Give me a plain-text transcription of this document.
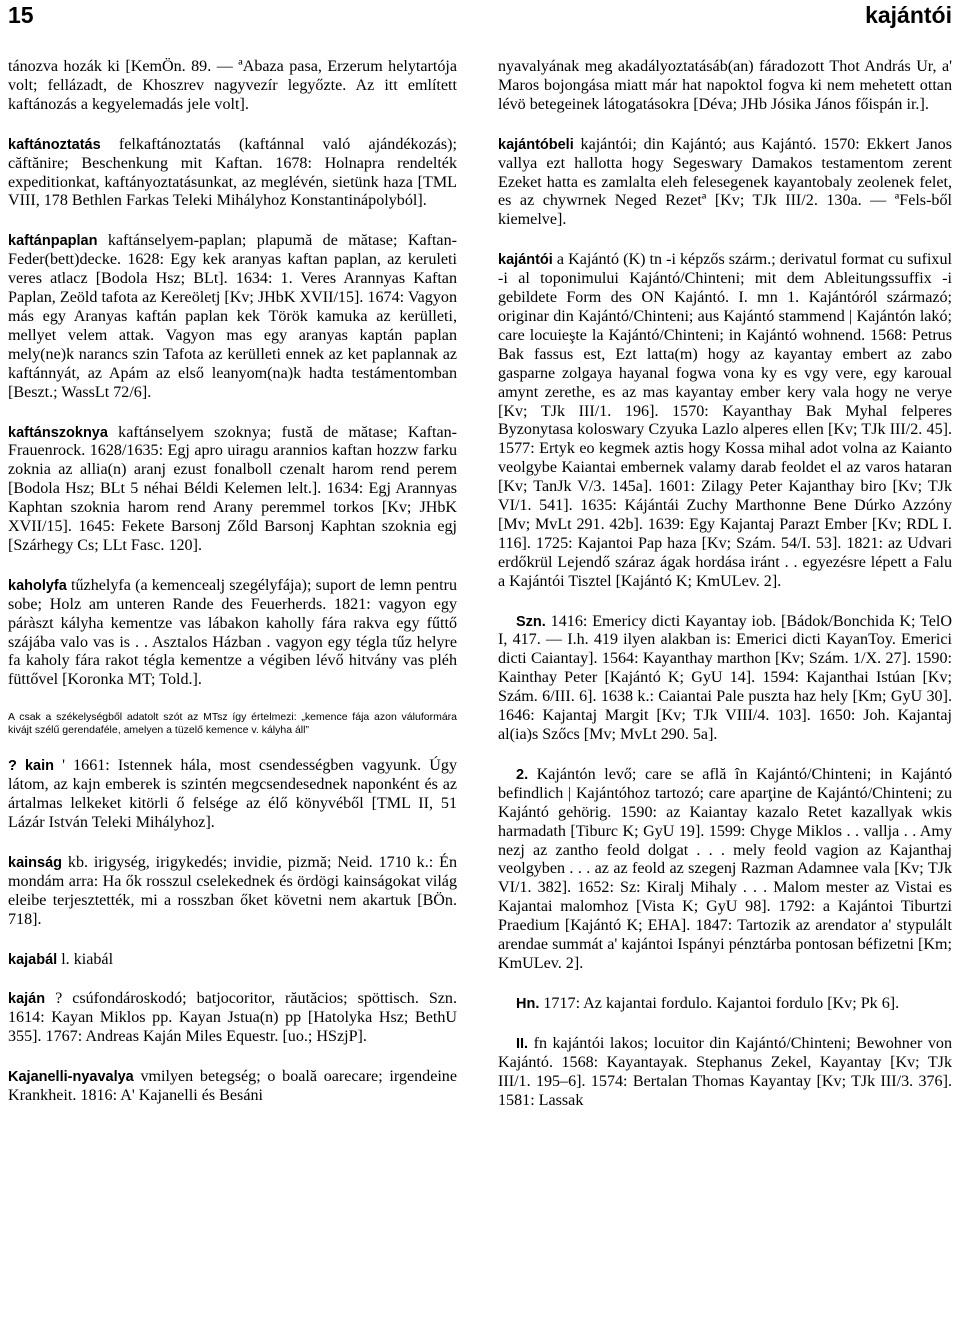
15	kajántói

tánozva hozák ki [KemÖn. 89. — ªAbaza pasa, Erzerum helytartója volt; fellázadt, de Khoszrev nagyvezír legyőzte. Az itt említett kaftánozás a kegyelemadás jele volt].

kaftánoztatás felkaftánoztatás (kaftánnal való ajándékozás); căftănire; Beschenkung mit Kaftan. 1678: Holnapra rendelték expeditionkat, kaftányoztatásunkat, az meglévén, sietünk haza [TML VIII, 178 Bethlen Farkas Teleki Mihályhoz Konstantinápolyból].

kaftánpaplan kaftánselyem-paplan; plapumă de mătase; Kaftan-Feder(bett)decke. 1628: Egy kek aranyas kaftan paplan, az keruleti veres atlacz [Bodola Hsz; BLt]. 1634: 1. Veres Arannyas Kaftan Paplan, Zeöld tafota az Kereöletj [Kv; JHbK XVII/15]. 1674: Vagyon más egy Aranyas kaftán paplan kek Török kamuka az kerülleti, mellyet velem attak. Vagyon mas egy aranyas kaptán paplan mely(ne)k narancs szin Tafota az kerülleti ennek az ket paplannak az kaftánnyát, az Apám az első leanyom(na)k hadta testámentomban [Beszt.; WassLt 72/6].

kaftánszoknya kaftánselyem szoknya; fustă de mătase; Kaftan-Frauenrock. 1628/1635: Egj apro uiragu arannios kaftan hozzw farku zoknia az allia(n) aranj ezust fonalboll czenalt harom rend perem [Bodola Hsz; BLt 5 néhai Béldi Kelemen lelt.]. 1634: Egj Arannyas Kaphtan szoknia harom rend Arany peremmel torkos [Kv; JHbK XVII/15]. 1645: Fekete Barsonj Zőld Barsonj Kaphtan szoknia egj [Szárhegy Cs; LLt Fasc. 120].

kaholyfa tűzhelyfa (a kemencealj szegélyfája); suport de lemn pentru sobe; Holz am unteren Rande des Feuerherds. 1821: vagyon egy páràszt kályha kementze vas lábakon kaholly fára rakva egy fűttő szájába valo vas is . . Asztalos Házban . vagyon egy tégla tűz helyre fa kaholy fára rakot tégla kementze a végiben lévő hitvány vas pléh füttővel [Koronka MT; Told.].

A csak a székelységből adatolt szót az MTsz így értelmezi: „kemence fája azon váluformára kivájt szélű gerendaféle, amelyen a tüzelő kemence v. kályha áll”

? kain ' 1661: Istennek hála, most csendességben vagyunk. Úgy látom, az kajn emberek is szintén megcsendesednek naponként és az ártalmas lelkeket kitörli ő felsége az élő könyvéből [TML II, 51 Lázár István Teleki Mihályhoz].

kainság kb. irigység, irigykedés; invidie, pizmă; Neid. 1710 k.: Én mondám arra: Ha ők rosszul cselekednek és ördögi kainságokat világ eleibe terjesztették, mi a rosszban őket követni nem akartuk [BÖn. 718].

kajabál l. kiabál

kaján ? csúfondároskodó; batjocoritor, răutăcios; spöttisch. Szn. 1614: Kayan Miklos pp. Kayan Jstua(n) pp [Hatolyka Hsz; BethU 355]. 1767: Andreas Kaján Miles Equestr. [uo.; HSzjP].

Kajanelli-nyavalya vmilyen betegség; o boală oarecare; irgendeine Krankheit. 1816: A' Kajanelli és Besáni

nyavalyának meg akadályoztatásáb(an) fáradozott Thot András Ur, a' Maros bojongása miatt már hat napoktol fogva ki nem mehetett ottan lévö betegeinek látogatásokra [Déva; JHb Jósika János főispán ir.].

kajántóbeli kajántói; din Kajántó; aus Kajántó. 1570: Ekkert Janos vallya ezt hallotta hogy Segeswary Damakos testamentom zerent Ezeket hatta es zamlalta eleh felesegenek kayantobaly zeolenek felet, es az chywrnek Neged Rezetª [Kv; TJk III/2. 130a. — ªFels-ből kiemelve].

kajántói a Kajántó (K) tn -i képzős szárm.; derivatul format cu sufixul -i al toponimului Kajántó/Chinteni; mit dem Ableitungssuffix -i gebildete Form des ON Kajántó. I. mn 1. Kajántóról származó; originar din Kajántó/Chinteni; aus Kajántó stammend | Kajántón lakó; care locuieşte la Kajántó/Chinteni; in Kajántó wohnend. 1568: Petrus Bak fassus est, Ezt latta(m) hogy az kayantay embert az zabo gasparne zolgaya hayanal fogwa vona ky es vgy vere, egy karoual amynt zerethe, es az mas kayantay ember kery vala hogy ne verye [Kv; TJk III/1. 196]. 1570: Kayanthay Bak Myhal felperes Byzonytasa koloswary Czyuka Lazlo alperes ellen [Kv; TJk III/2. 45]. 1577: Ertyk eo kegmek aztis hogy Kossa mihal adot volna az Kaianto veolgybe Kaiantai embernek valamy darab feoldet el az varos hataran [Kv; TanJk V/3. 145a]. 1601: Zilagy Peter Kajanthay biro [Kv; TJk VI/1. 541]. 1635: Kájántái Zuchy Marthonne Bene Dúrko Azzóny [Mv; MvLt 291. 42b]. 1639: Egy Kajantaj Parazt Ember [Kv; RDL I. 116]. 1725: Kajantoi Pap haza [Kv; Szám. 54/I. 53]. 1821: az Udvari erdőkrül Lejendő száraz ágak hordása iránt . . egyezésre lépett a Falu a Kajántói Tisztel [Kajántó K; KmULev. 2].

Szn. 1416: Emericy dicti Kayantay iob. [Bádok/Bonchida K; TelO I, 417. — I.h. 419 ilyen alakban is: Emerici dicti KayanToy. Emerici dicti Caiantay]. 1564: Kayanthay marthon [Kv; Szám. 1/X. 27]. 1590: Kainthay Peter [Kajántó K; GyU 14]. 1594: Kajanthai Istúan [Kv; Szám. 6/III. 6]. 1638 k.: Caiantai Pale puszta haz hely [Km; GyU 30]. 1646: Kajantaj Margit [Kv; TJk VIII/4. 103]. 1650: Joh. Kajantaj al(ia)s Szőcs [Mv; MvLt 290. 5a].

2. Kajántón levő; care se află în Kajántó/Chinteni; in Kajántó befindlich | Kajántóhoz tartozó; care aparţine de Kajántó/Chinteni; zu Kajántó gehörig. 1590: az Kaiantay kazalo Retet kazallyak wkis harmadath [Tiburc K; GyU 19]. 1599: Chyge Miklos . . vallja . . Amy nezj az zantho feold dolgat . . . mely feold vagion az Kajanthaj veolgyben . . . az az feold az szegenj Razman Adamnee vala [Kv; TJk VI/1. 382]. 1652: Sz: Kiralj Mihaly . . . Malom mester az Vistai es Kajantai malomhoz [Vista K; GyU 98]. 1792: a Kajántoi Tiburtzi Praedium [Kajántó K; EHA]. 1847: Tartozik az arendator a' stypulált arendae summát a' kajántoi Ispányi pénztárba pontosan béfizetni [Km; KmULev. 2].

Hn. 1717: Az kajantai fordulo. Kajantoi fordulo [Kv; Pk 6].

II. fn kajántói lakos; locuitor din Kajántó/Chinteni; Bewohner von Kajántó. 1568: Kayantayak. Stephanus Zekel, Kayantay [Kv; TJk III/1. 195–6]. 1574: Bertalan Thomas Kayantay [Kv; TJk III/3. 376]. 1581: Lassak
